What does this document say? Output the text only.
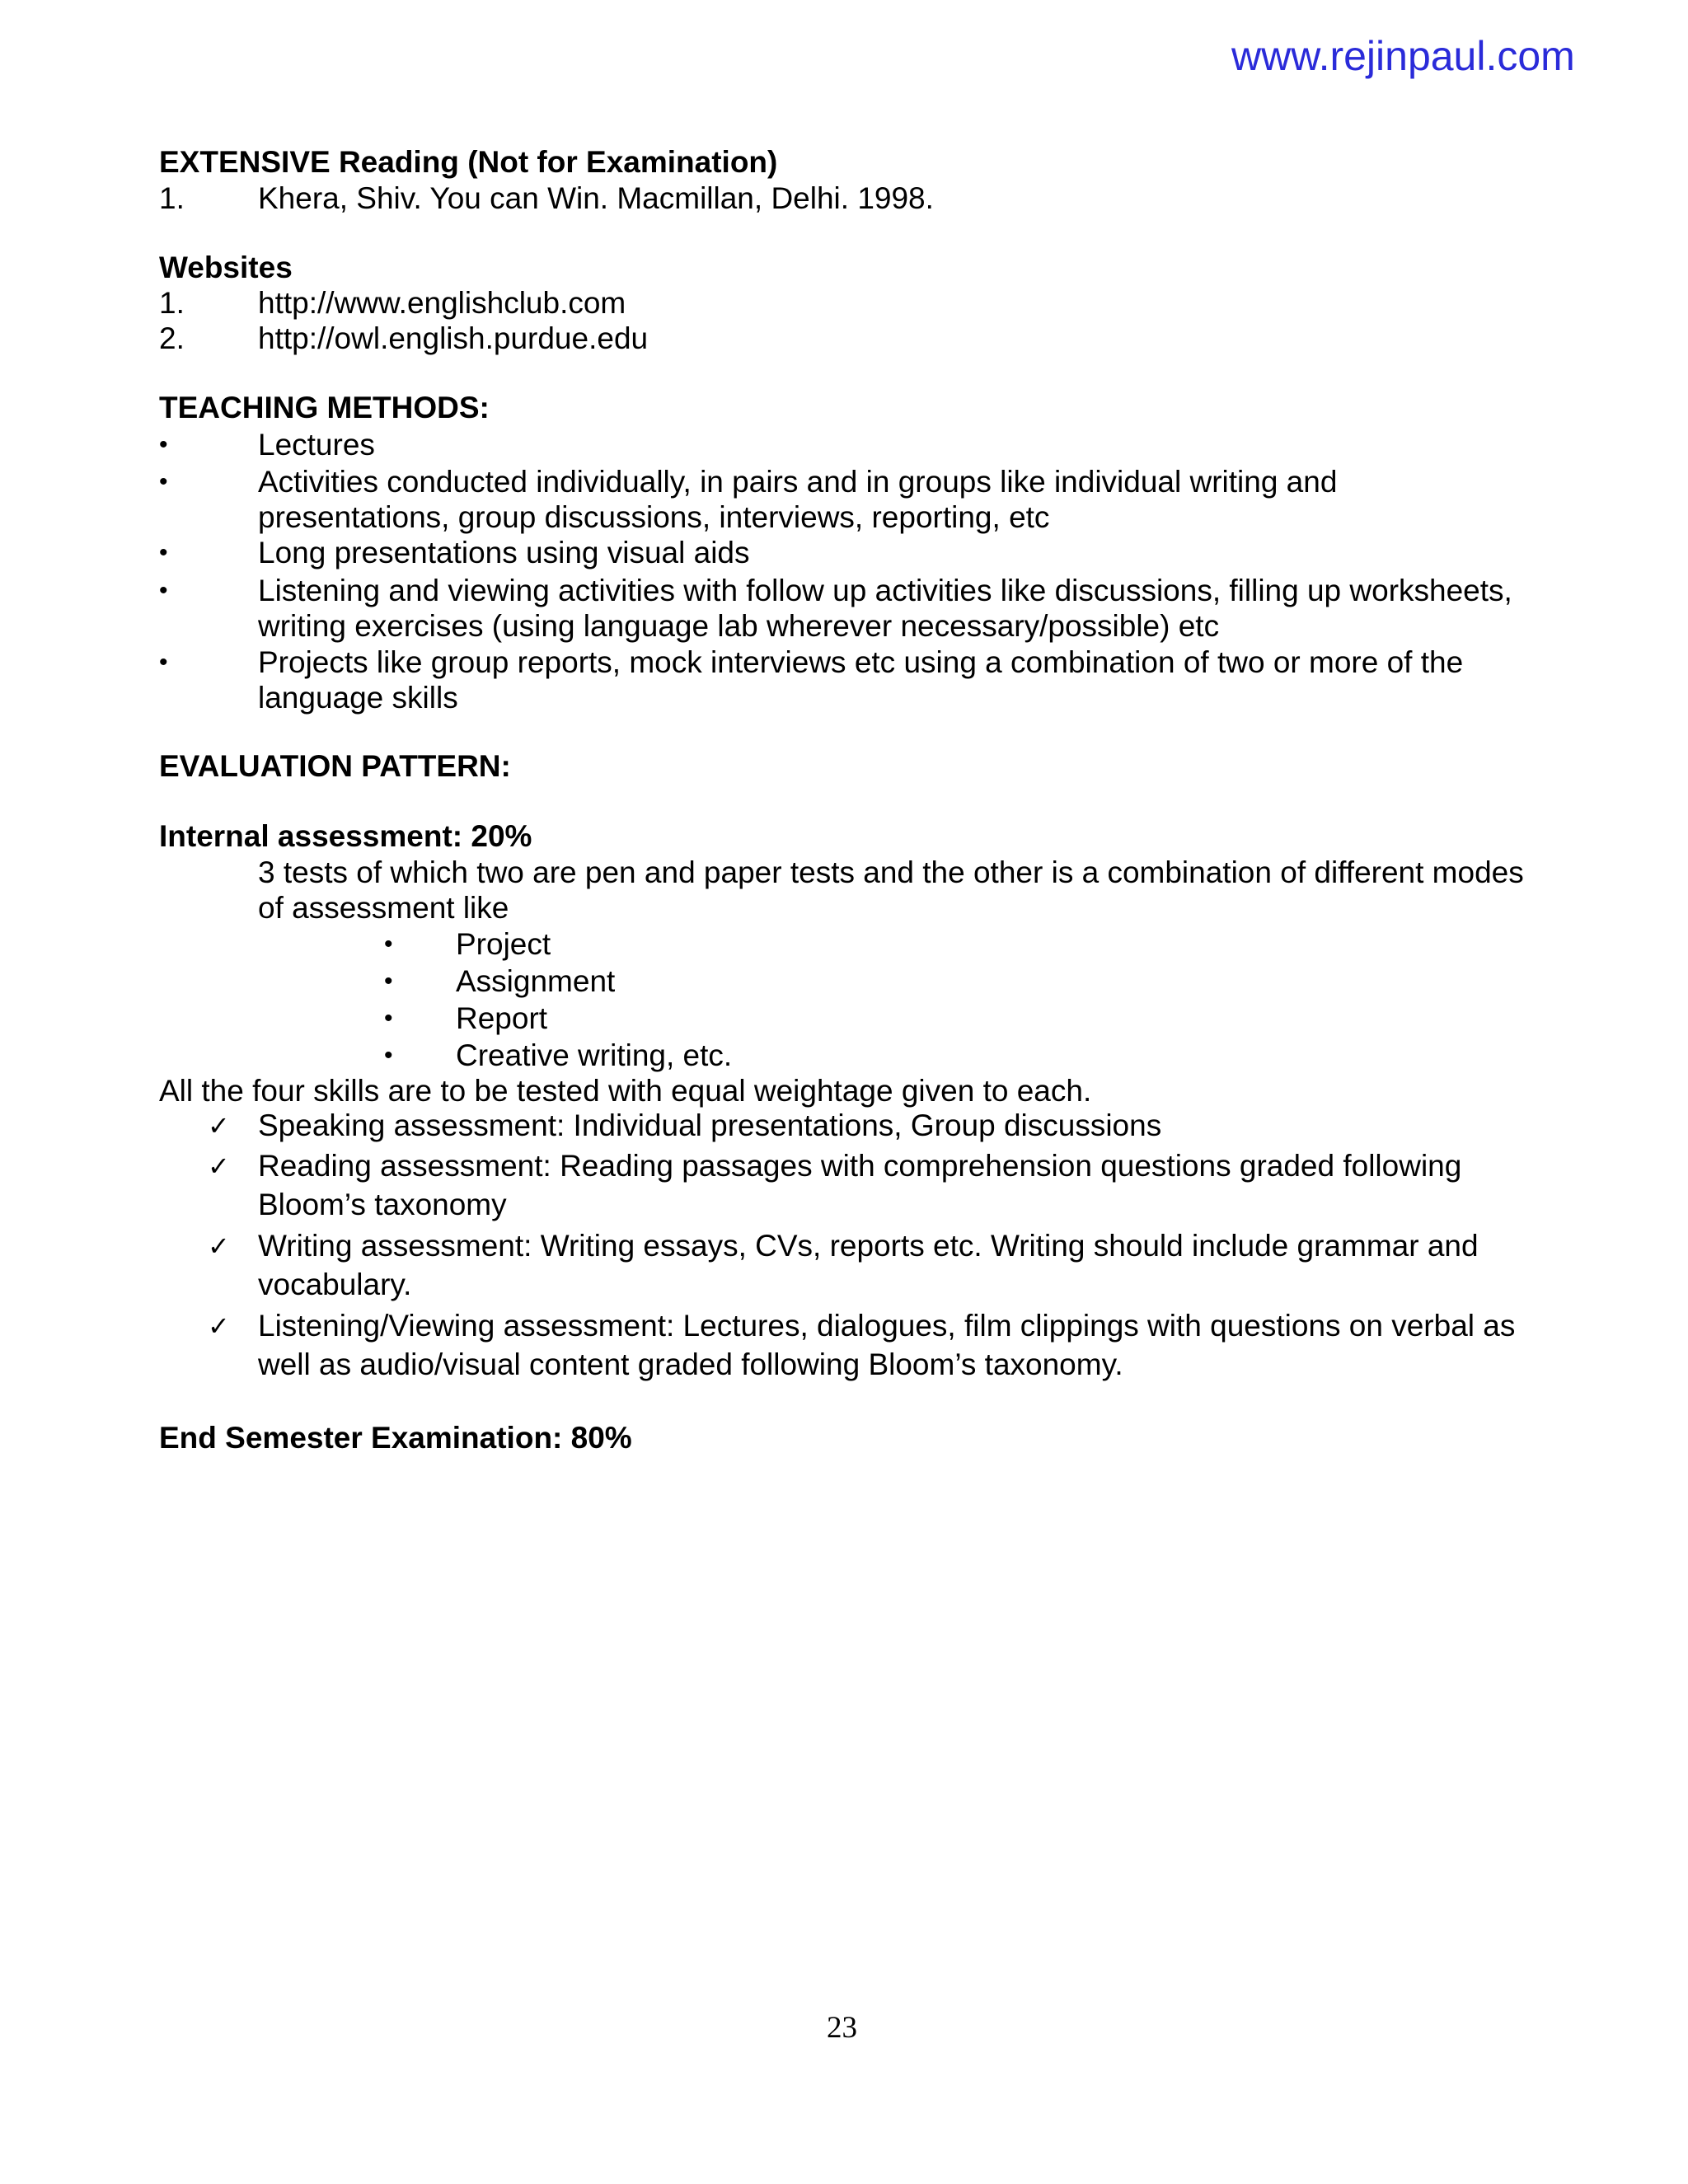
www.rejinpaul.com
EXTENSIVE Reading (Not for Examination)
1. Khera, Shiv. You can Win. Macmillan, Delhi. 1998.
Websites
1. http://www.englishclub.com
2. http://owl.english.purdue.edu
TEACHING METHODS:
•	Lectures
•	Activities conducted individually, in pairs and in groups like individual writing and
presentations, group discussions, interviews, reporting, etc
•	Long presentations using visual aids
•	Listening and viewing activities with follow up activities like discussions, filling up worksheets,
writing exercises (using language lab wherever necessary/possible) etc
•	Projects like group reports, mock interviews etc using a combination of two or more of the
language skills
EVALUATION PATTERN:
Internal assessment: 20%
3 tests of which two are pen and paper tests and the other is a combination of different modes
of assessment like
• Project
• Assignment
• Report
• Creative writing, etc.
All the four skills are to be tested with equal weightage given to each.
✓ Speaking assessment: Individual presentations, Group discussions
✓ Reading assessment: Reading passages with comprehension questions graded following
Bloom’s taxonomy
✓ Writing assessment: Writing essays, CVs, reports etc. Writing should include grammar and
vocabulary.
✓ Listening/Viewing assessment: Lectures, dialogues, film clippings with questions on verbal as
well as audio/visual content graded following Bloom’s taxonomy.
End Semester Examination: 80%
23
